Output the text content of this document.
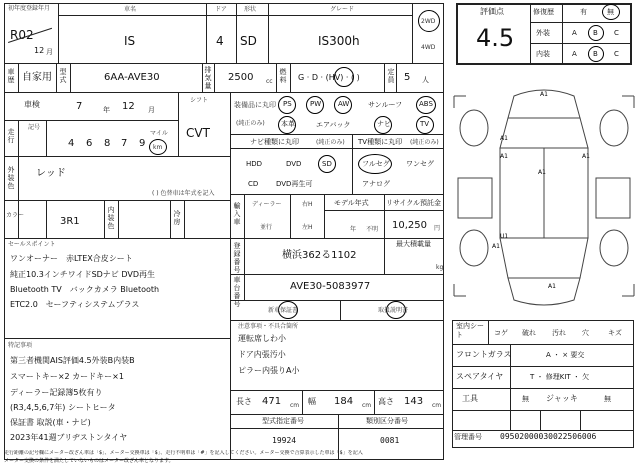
初年度登録年月
R02
12 月
車名
IS
ドア
4
形状
SD
グレード
IS300h
2WD
4WD
車歴 自家用 型式	6AA-AVE30
排気量
2500 cc
燃料 G · D · (HV) · ( )
定員 5 人
車検	7	年 12 月
走行
記号
4 6 8 7 9
マイル
km
シフト
CVT
装備品に丸印
(純正のみ)
PS	PW AW	サンルーフ ABS
本革	エアバック	ナビ	TV
ナビ種類に丸印	(純正のみ)
HDD	DVD	SD
CD	DVD再生可
TV種類に丸印 (純正のみ)
フルセグ ワンセグ
アナログ
外装色
レッド
( ) 色替車は年式を記入
カラー
3R1
内装色
冷房
輸入車
ディーラー
並行
右H
左H
モデル年式
年 不明
リサイクル預託金
10,250 円
セールスポイント
ワンオーナー　赤LTEX合皮シート
純正10.3インチワイドSDナビ DVD再生
Bluetooth TV　バックカメラ Bluetooth
ETC2.0　セーフティシステムプラス
登録番号
横浜362る1102
最大積載量
kg
車台番号
AVE30-5083977
新車保証書	取扱説明書
注意事項・不具合箇所
運転席しわ小
ドア内張汚小
ピラー内張りA小
特記事項
第三者機関AIS評価4.5外装B内装B
スマートキー×2 カードキー×1
ディーラー記録簿5枚有り
(R3,4,5,6,7年) シートヒータ
保証書 取説(車・ナビ)
2023年41週ブリヂストンタイヤ
長さ 471 cm 幅 184 cm 高さ 143 cm
型式指定番号
19924
類別区分番号
0081
評価点
4.5
修復歴	有	無
外装	A B C
内装	A B C
A1
A1
A1	A1
A1
A1
A1
U1
室内シート	コゲ 破れ 汚れ 穴	キズ
フロントガラス	A ・ × 要交
スペアタイヤ	T ・ 修理KIT ・ 欠
工具	無 ジャッキ	無
管理番号 09502000030022506006
走行距離の記号欄にメーター改ざん車は「$」、メーター交換車は「$」、走行不明車は「#」を記入してください。メーター交換で合算表示した車は「$」を記入
メーター交換の条件を満たしていないものはメーター改ざん車となります。
